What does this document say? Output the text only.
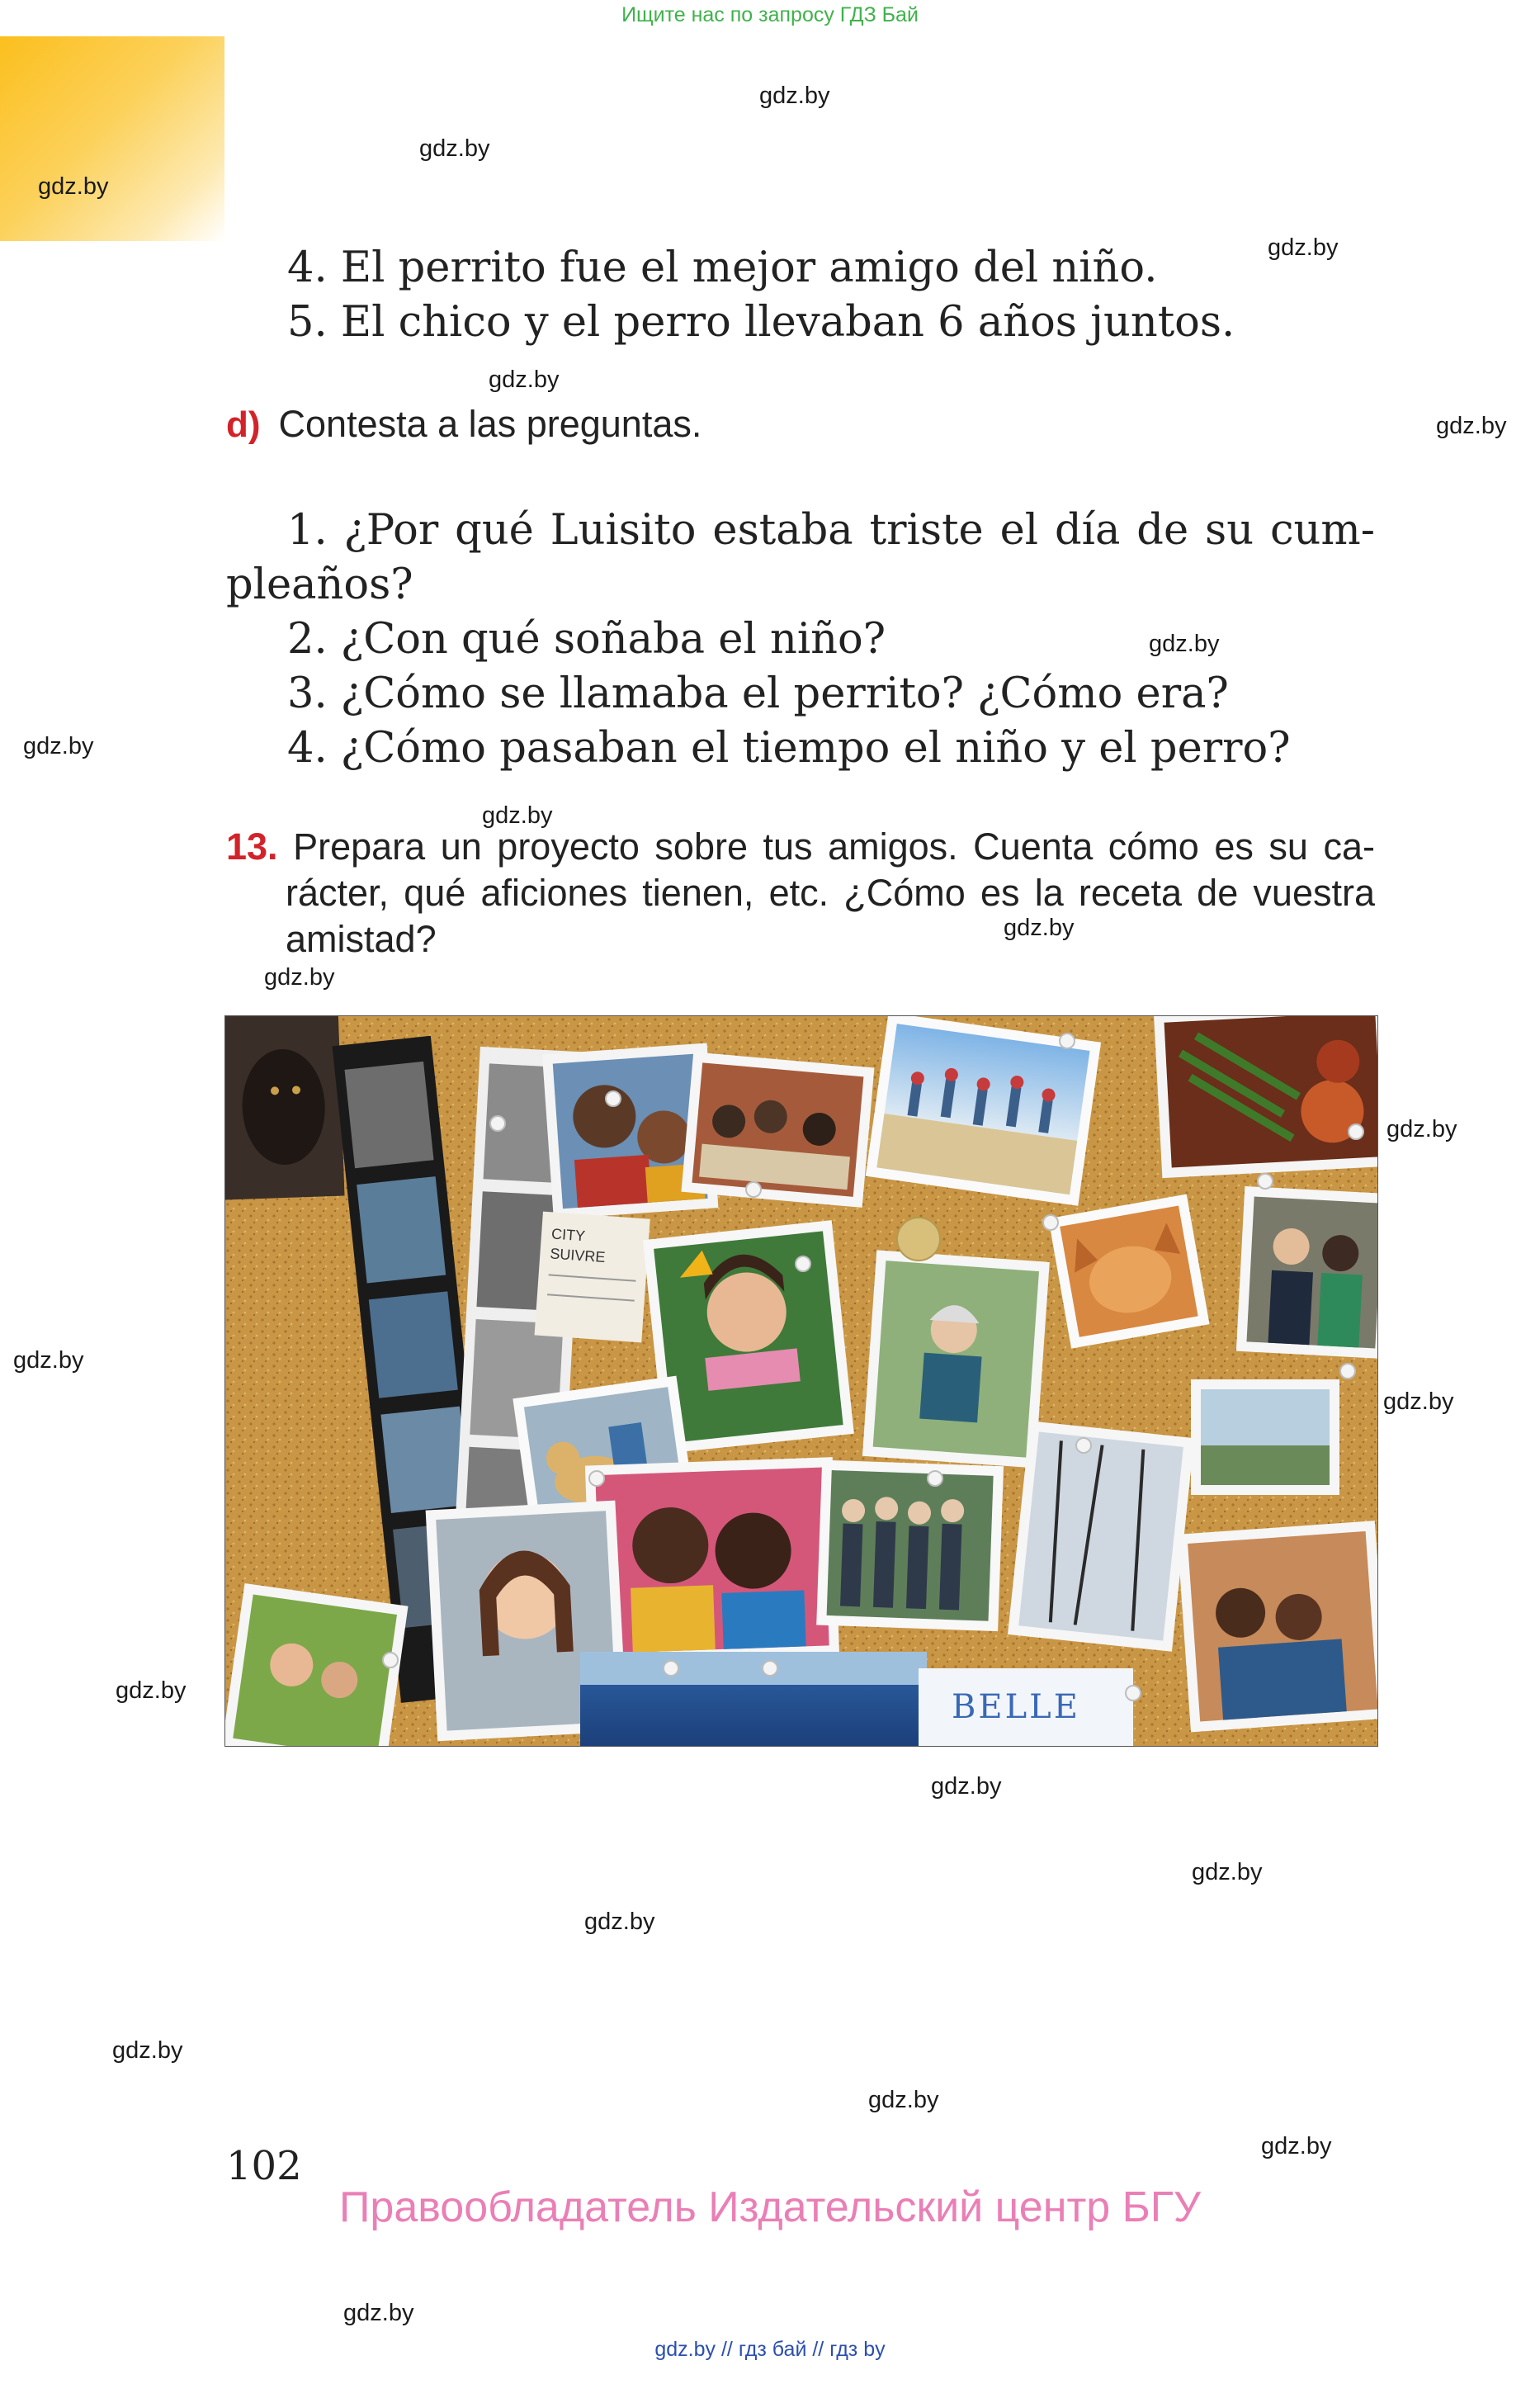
Ищите нас по запросу ГДЗ Бай
gdz.by
gdz.by
gdz.by
gdz.by
gdz.by
gdz.by
gdz.by
gdz.by
gdz.by
gdz.by
gdz.by
gdz.by
gdz.by
gdz.by
gdz.by
gdz.by
gdz.by
gdz.by
gdz.by
gdz.by
gdz.by
gdz.by
4. El perrito fue el mejor amigo del niño.
5. El chico y el perro llevaban 6 años juntos.
d) Contesta a las preguntas.
1. ¿Por qué Luisito estaba triste el día de su cum-
pleaños?
2. ¿Con qué soñaba el niño?
3. ¿Cómo se llamaba el perrito? ¿Cómo era?
4. ¿Cómo pasaban el tiempo el niño y el perro?
13. Prepara un proyecto sobre tus amigos. Cuenta cómo es su ca-
rácter, qué aficiones tienen, etc. ¿Cómo es la receta de vuestra
amistad?
CITY
SUIVRE
BELLE
102
Правообладатель Издательский центр БГУ
gdz.by // гдз бай // гдз by
